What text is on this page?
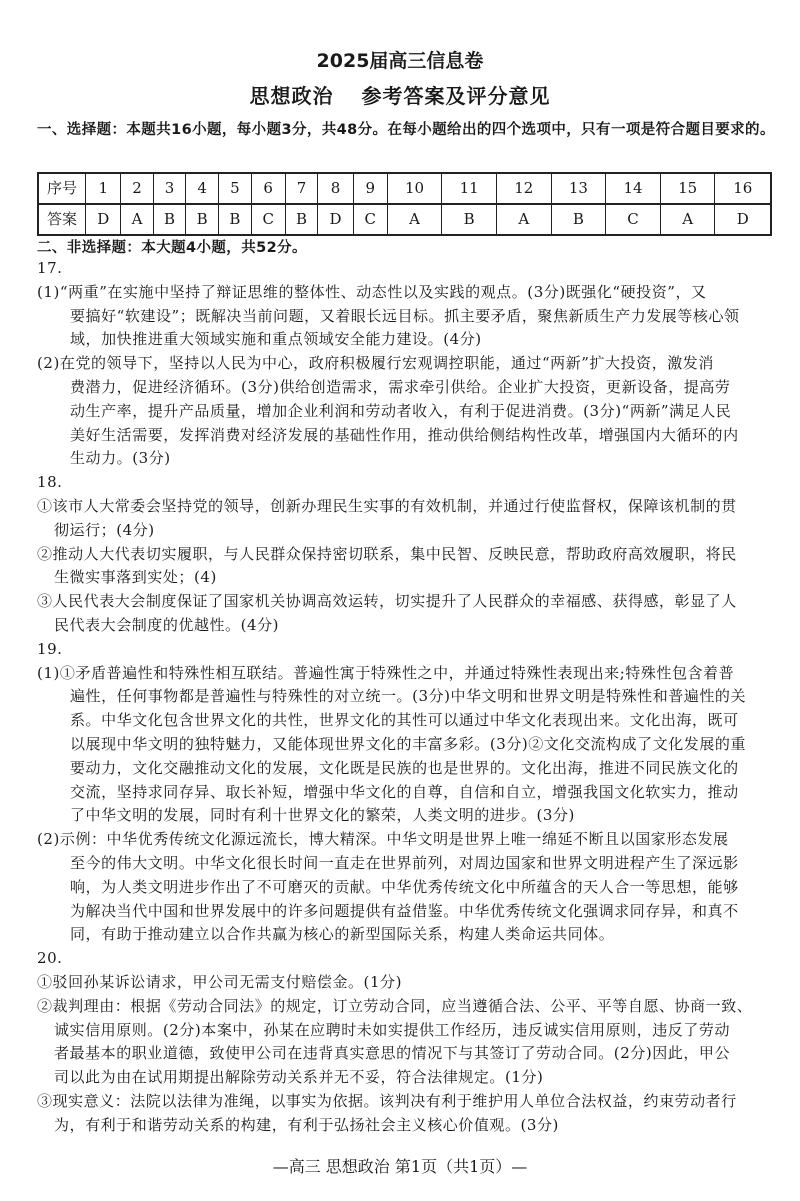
2025届高三信息卷
思想政治 参考答案及评分意见
一、选择题：本题共16小题，每小题3分，共48分。在每小题给出的四个选项中，只有一项是符合题目要求的。
序号	1	2	3	4	5	6	7	8	9	10	11	12	13	14	15	16
答案	D	A	B	B	B	C	B	D	C	A	B	A	B	C	A	D
二、非选择题：本大题4小题，共52分。
17.
(1)“两重”在实施中坚持了辩证思维的整体性、动态性以及实践的观点。(3分)既强化“硬投资”，又
要搞好“软建设”；既解决当前问题，又着眼长远目标。抓主要矛盾，聚焦新质生产力发展等核心领
域，加快推进重大领域实施和重点领域安全能力建设。(4分)
(2)在党的领导下，坚持以人民为中心，政府积极履行宏观调控职能，通过“两新”扩大投资，激发消
费潜力，促进经济循环。(3分)供给创造需求，需求牵引供给。企业扩大投资，更新设备，提高劳
动生产率，提升产品质量，增加企业利润和劳动者收入，有利于促进消费。(3分)“两新”满足人民
美好生活需要，发挥消费对经济发展的基础性作用，推动供给侧结构性改革，增强国内大循环的内
生动力。(3分)
18.
①该市人大常委会坚持党的领导，创新办理民生实事的有效机制，并通过行使监督权，保障该机制的贯
彻运行；(4分)
②推动人大代表切实履职，与人民群众保持密切联系，集中民智、反映民意，帮助政府高效履职，将民
生微实事落到实处；(4)
③人民代表大会制度保证了国家机关协调高效运转，切实提升了人民群众的幸福感、获得感，彰显了人
民代表大会制度的优越性。(4分)
19.
(1)①矛盾普遍性和特殊性相互联结。普遍性寓于特殊性之中，并通过特殊性表现出来;特殊性包含着普
遍性，任何事物都是普遍性与特殊性的对立统一。(3分)中华文明和世界文明是特殊性和普遍性的关
系。中华文化包含世界文化的共性，世界文化的其性可以通过中华文化表现出来。文化出海，既可
以展现中华文明的独特魅力，又能体现世界文化的丰富多彩。(3分)②文化交流构成了文化发展的重
要动力，文化交融推动文化的发展，文化既是民族的也是世界的。文化出海，推进不同民族文化的
交流，坚持求同存异、取长补短，增强中华文化的自尊，自信和自立，增强我国文化软实力，推动
了中华文明的发展，同时有利十世界文化的繁荣，人类文明的进步。(3分)
(2)示例：中华优秀传统文化源远流长，博大精深。中华文明是世界上唯一绵延不断且以国家形态发展
至今的伟大文明。中华文化很长时间一直走在世界前列，对周边国家和世界文明进程产生了深远影
响，为人类文明进步作出了不可磨灭的贡献。中华优秀传统文化中所蕴含的天人合一等思想，能够
为解决当代中国和世界发展中的许多问题提供有益借鉴。中华优秀传统文化强调求同存异，和真不
同，有助于推动建立以合作共赢为核心的新型国际关系，构建人类命运共同体。
20.
①驳回孙某诉讼请求，甲公司无需支付赔偿金。(1分)
②裁判理由：根据《劳动合同法》的规定，订立劳动合同，应当遵循合法、公平、平等自愿、协商一致、
诚实信用原则。(2分)本案中，孙某在应聘时未如实提供工作经历，违反诚实信用原则，违反了劳动
者最基本的职业道德，致使甲公司在违背真实意思的情况下与其签订了劳动合同。(2分)因此，甲公
司以此为由在试用期提出解除劳动关系并无不妥，符合法律规定。(1分)
③现实意义：法院以法律为准绳，以事实为依据。该判决有利于维护用人单位合法权益，约束劳动者行
为，有利于和谐劳动关系的构建，有利于弘扬社会主义核心价值观。(3分)
—高三 思想政治 第1页（共1页）—
